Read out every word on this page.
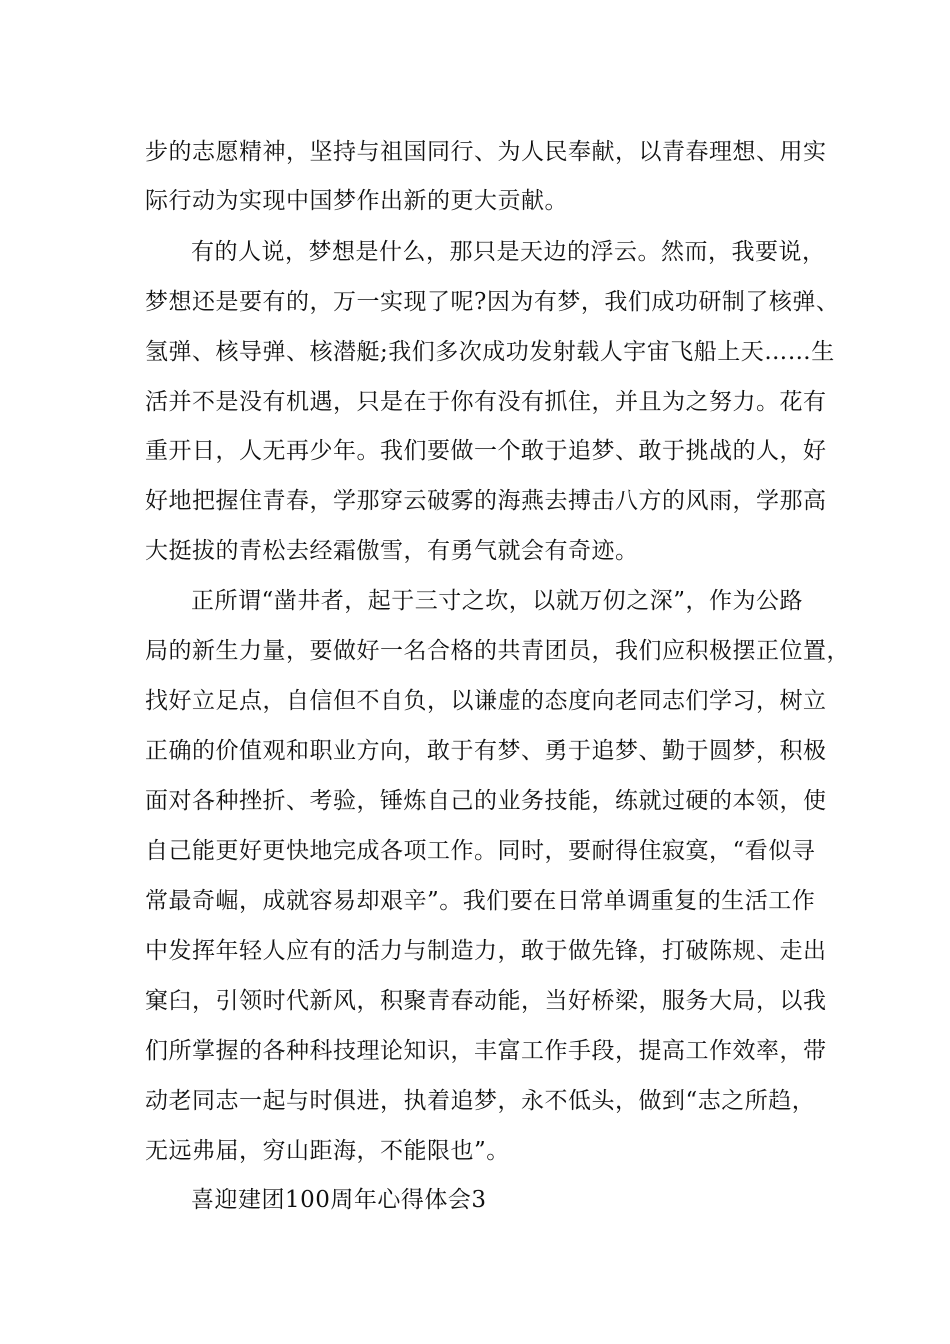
步的志愿精神，坚持与祖国同行、为人民奉献，以青春理想、用实
际行动为实现中国梦作出新的更大贡献。
有的人说，梦想是什么，那只是天边的浮云。然而，我要说，
梦想还是要有的，万一实现了呢?因为有梦，我们成功研制了核弹、
氢弹、核导弹、核潜艇;我们多次成功发射载人宇宙飞船上天……生
活并不是没有机遇，只是在于你有没有抓住，并且为之努力。花有
重开日，人无再少年。我们要做一个敢于追梦、敢于挑战的人，好
好地把握住青春，学那穿云破雾的海燕去搏击八方的风雨，学那高
大挺拔的青松去经霜傲雪，有勇气就会有奇迹。
正所谓“凿井者，起于三寸之坎，以就万仞之深”，作为公路
局的新生力量，要做好一名合格的共青团员，我们应积极摆正位置，
找好立足点，自信但不自负，以谦虚的态度向老同志们学习，树立
正确的价值观和职业方向，敢于有梦、勇于追梦、勤于圆梦，积极
面对各种挫折、考验，锤炼自己的业务技能，练就过硬的本领，使
自己能更好更快地完成各项工作。同时，要耐得住寂寞，“看似寻
常最奇崛，成就容易却艰辛”。我们要在日常单调重复的生活工作
中发挥年轻人应有的活力与制造力，敢于做先锋，打破陈规、走出
窠臼，引领时代新风，积聚青春动能，当好桥梁，服务大局，以我
们所掌握的各种科技理论知识，丰富工作手段，提高工作效率，带
动老同志一起与时俱进，执着追梦，永不低头，做到“志之所趋，
无远弗届，穷山距海，不能限也”。
喜迎建团100周年心得体会3
